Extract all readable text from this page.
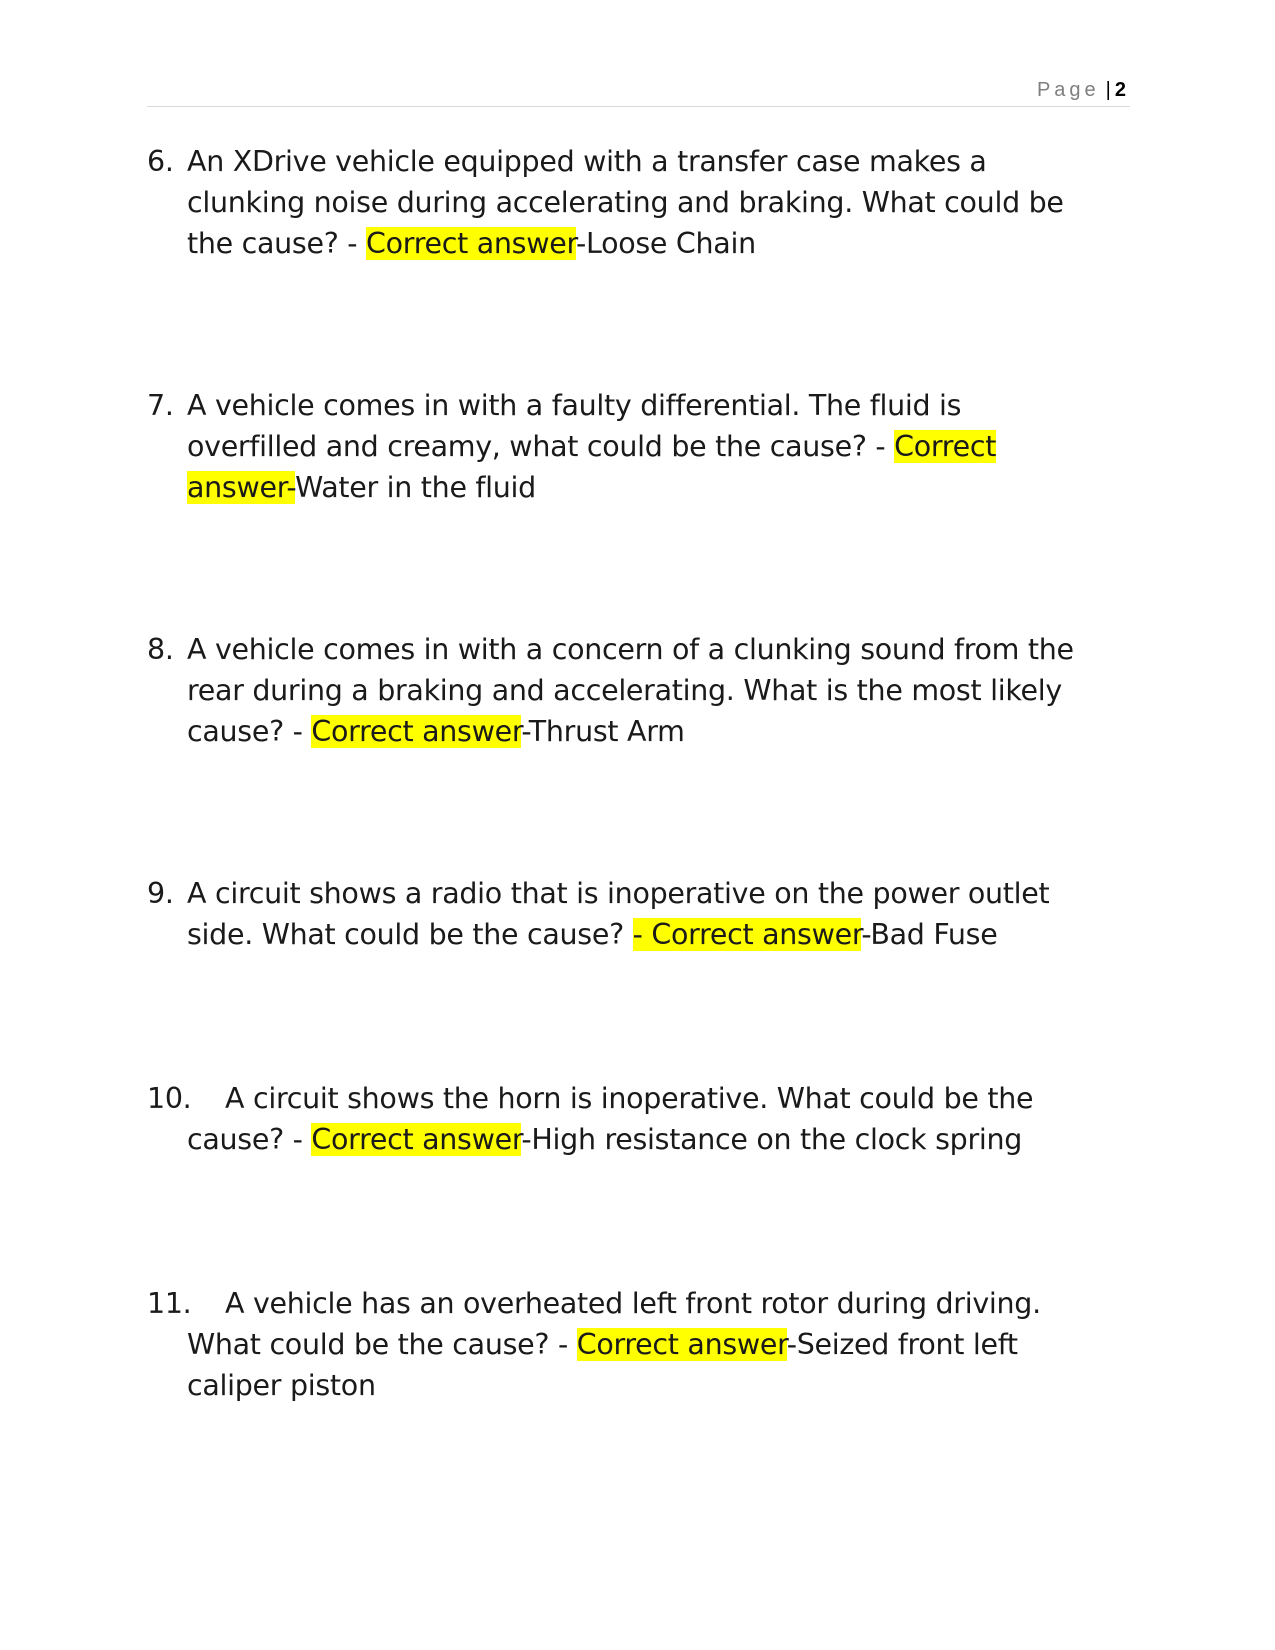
Page | 2
6. An XDrive vehicle equipped with a transfer case makes a
clunking noise during accelerating and braking. What could be
the cause? - Correct answer-Loose Chain
7. A vehicle comes in with a faulty differential. The fluid is
overfilled and creamy, what could be the cause? - Correct
answer-Water in the fluid
8. A vehicle comes in with a concern of a clunking sound from the
rear during a braking and accelerating. What is the most likely
cause? - Correct answer-Thrust Arm
9. A circuit shows a radio that is inoperative on the power outlet
side. What could be the cause? - Correct answer-Bad Fuse
10.	A circuit shows the horn is inoperative. What could be the
cause? - Correct answer-High resistance on the clock spring
11.	A vehicle has an overheated left front rotor during driving.
What could be the cause? - Correct answer-Seized front left
caliper piston
